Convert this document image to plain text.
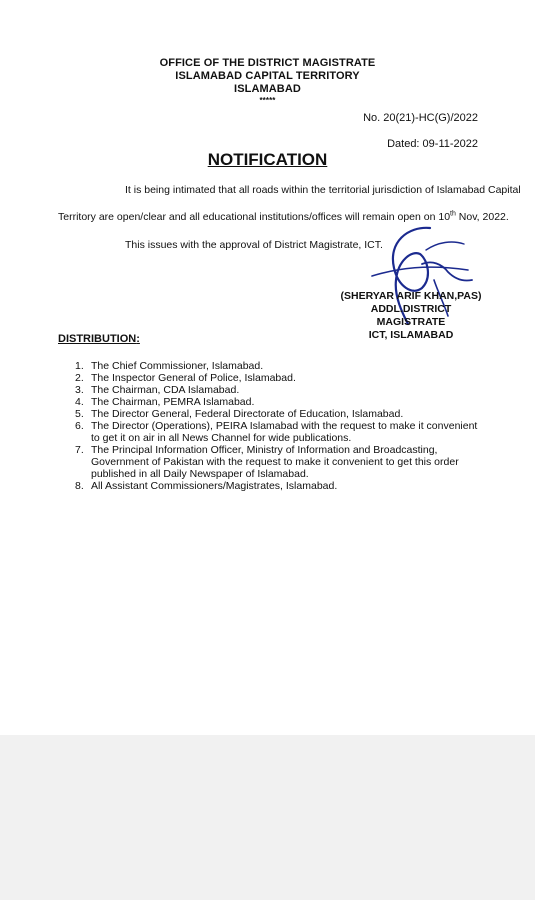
OFFICE OF THE DISTRICT MAGISTRATE
ISLAMABAD CAPITAL TERRITORY
ISLAMABAD
*****
No. 20(21)-HC(G)/2022
Dated: 09-11-2022
NOTIFICATION
It is being intimated that all roads within the territorial jurisdiction of Islamabad Capital
Territory are open/clear and all educational institutions/offices will remain open on 10th Nov, 2022.
This issues with the approval of District Magistrate, ICT.
(SHERYAR ARIF KHAN,PAS)
ADDL.DISTRICT MAGISTRATE
ICT, ISLAMABAD
DISTRIBUTION:
1. The Chief Commissioner, Islamabad.
2. The Inspector General of Police, Islamabad.
3. The Chairman, CDA Islamabad.
4. The Chairman, PEMRA Islamabad.
5. The Director General, Federal Directorate of Education, Islamabad.
6. The Director (Operations), PEIRA Islamabad with the request to make it convenient to get it on air in all News Channel for wide publications.
7. The Principal Information Officer, Ministry of Information and Broadcasting, Government of Pakistan with the request to make it convenient to get this order published in all Daily Newspaper of Islamabad.
8. All Assistant Commissioners/Magistrates, Islamabad.
